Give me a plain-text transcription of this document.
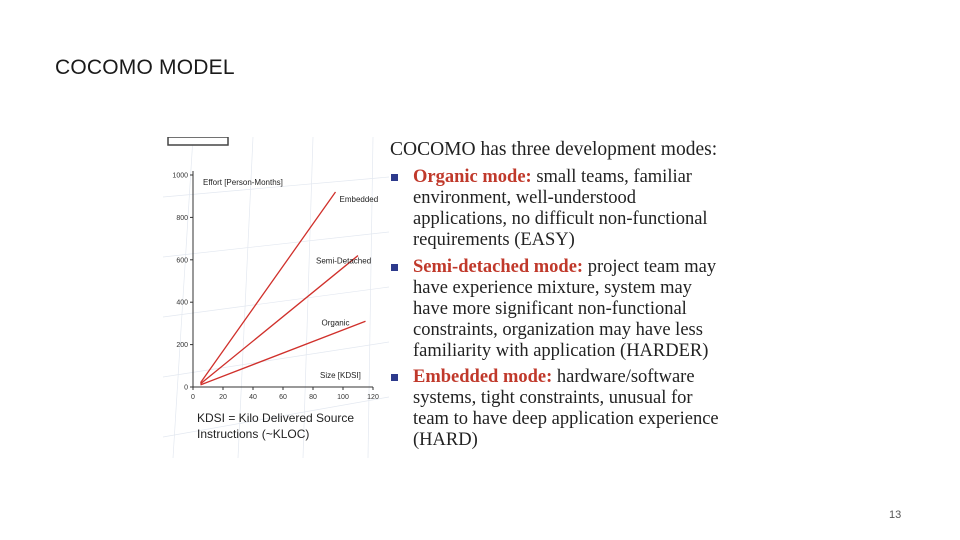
COCOMO MODEL
0
200
400
600
800
1000
0	20	40	60	80	100	120
Embedded
Semi-Detached
Organic
Effort [Person-Months]
Size [KDSI]
KDSI = Kilo Delivered Source Instructions (~KLOC)
COCOMO has three development modes:
Organic mode: small teams, familiar
environment, well-understood
applications, no difficult non-functional
requirements (EASY)
Semi-detached mode: project team may
have experience mixture, system may
have more significant non-functional
constraints, organization may have less
familiarity with application (HARDER)
Embedded mode: hardware/software
systems, tight constraints, unusual for
team to have deep application experience
(HARD)
13
